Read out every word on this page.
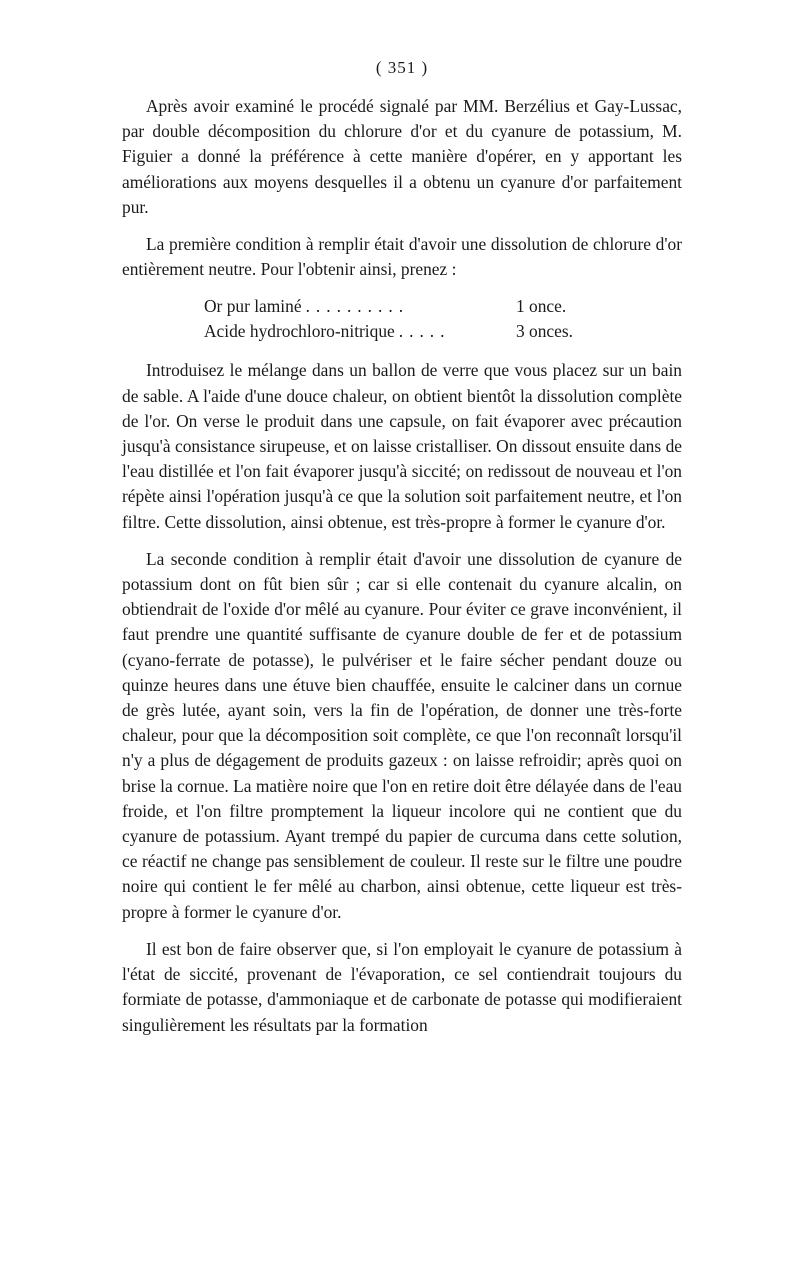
( 351 )

Après avoir examiné le procédé signalé par MM. Berzélius et Gay-Lussac, par double décomposition du chlorure d'or et du cyanure de potassium, M. Figuier a donné la préférence à cette manière d'opérer, en y apportant les améliorations aux moyens desquelles il a obtenu un cyanure d'or parfaitement pur.

La première condition à remplir était d'avoir une dissolution de chlorure d'or entièrement neutre. Pour l'obtenir ainsi, prenez :

Or pur laminé ..........	1 once.
Acide hydrochloro-nitrique .....	3 onces.

Introduisez le mélange dans un ballon de verre que vous placez sur un bain de sable. A l'aide d'une douce chaleur, on obtient bientôt la dissolution complète de l'or. On verse le produit dans une capsule, on fait évaporer avec précaution jusqu'à consistance sirupeuse, et on laisse cristalliser. On dissout ensuite dans de l'eau distillée et l'on fait évaporer jusqu'à siccité; on redissout de nouveau et l'on répète ainsi l'opération jusqu'à ce que la solution soit parfaitement neutre, et l'on filtre. Cette dissolution, ainsi obtenue, est très-propre à former le cyanure d'or.

La seconde condition à remplir était d'avoir une dissolution de cyanure de potassium dont on fût bien sûr ; car si elle contenait du cyanure alcalin, on obtiendrait de l'oxide d'or mêlé au cyanure. Pour éviter ce grave inconvénient, il faut prendre une quantité suffisante de cyanure double de fer et de potassium (cyano-ferrate de potasse), le pulvériser et le faire sécher pendant douze ou quinze heures dans une étuve bien chauffée, ensuite le calciner dans un cornue de grès lutée, ayant soin, vers la fin de l'opération, de donner une très-forte chaleur, pour que la décomposition soit complète, ce que l'on reconnaît lorsqu'il n'y a plus de dégagement de produits gazeux : on laisse refroidir; après quoi on brise la cornue. La matière noire que l'on en retire doit être délayée dans de l'eau froide, et l'on filtre promptement la liqueur incolore qui ne contient que du cyanure de potassium. Ayant trempé du papier de curcuma dans cette solution, ce réactif ne change pas sensiblement de couleur. Il reste sur le filtre une poudre noire qui contient le fer mêlé au charbon, ainsi obtenue, cette liqueur est très-propre à former le cyanure d'or.

Il est bon de faire observer que, si l'on employait le cyanure de potassium à l'état de siccité, provenant de l'évaporation, ce sel contiendrait toujours du formiate de potasse, d'ammoniaque et de carbonate de potasse qui modifieraient singulièrement les résultats par la formation
